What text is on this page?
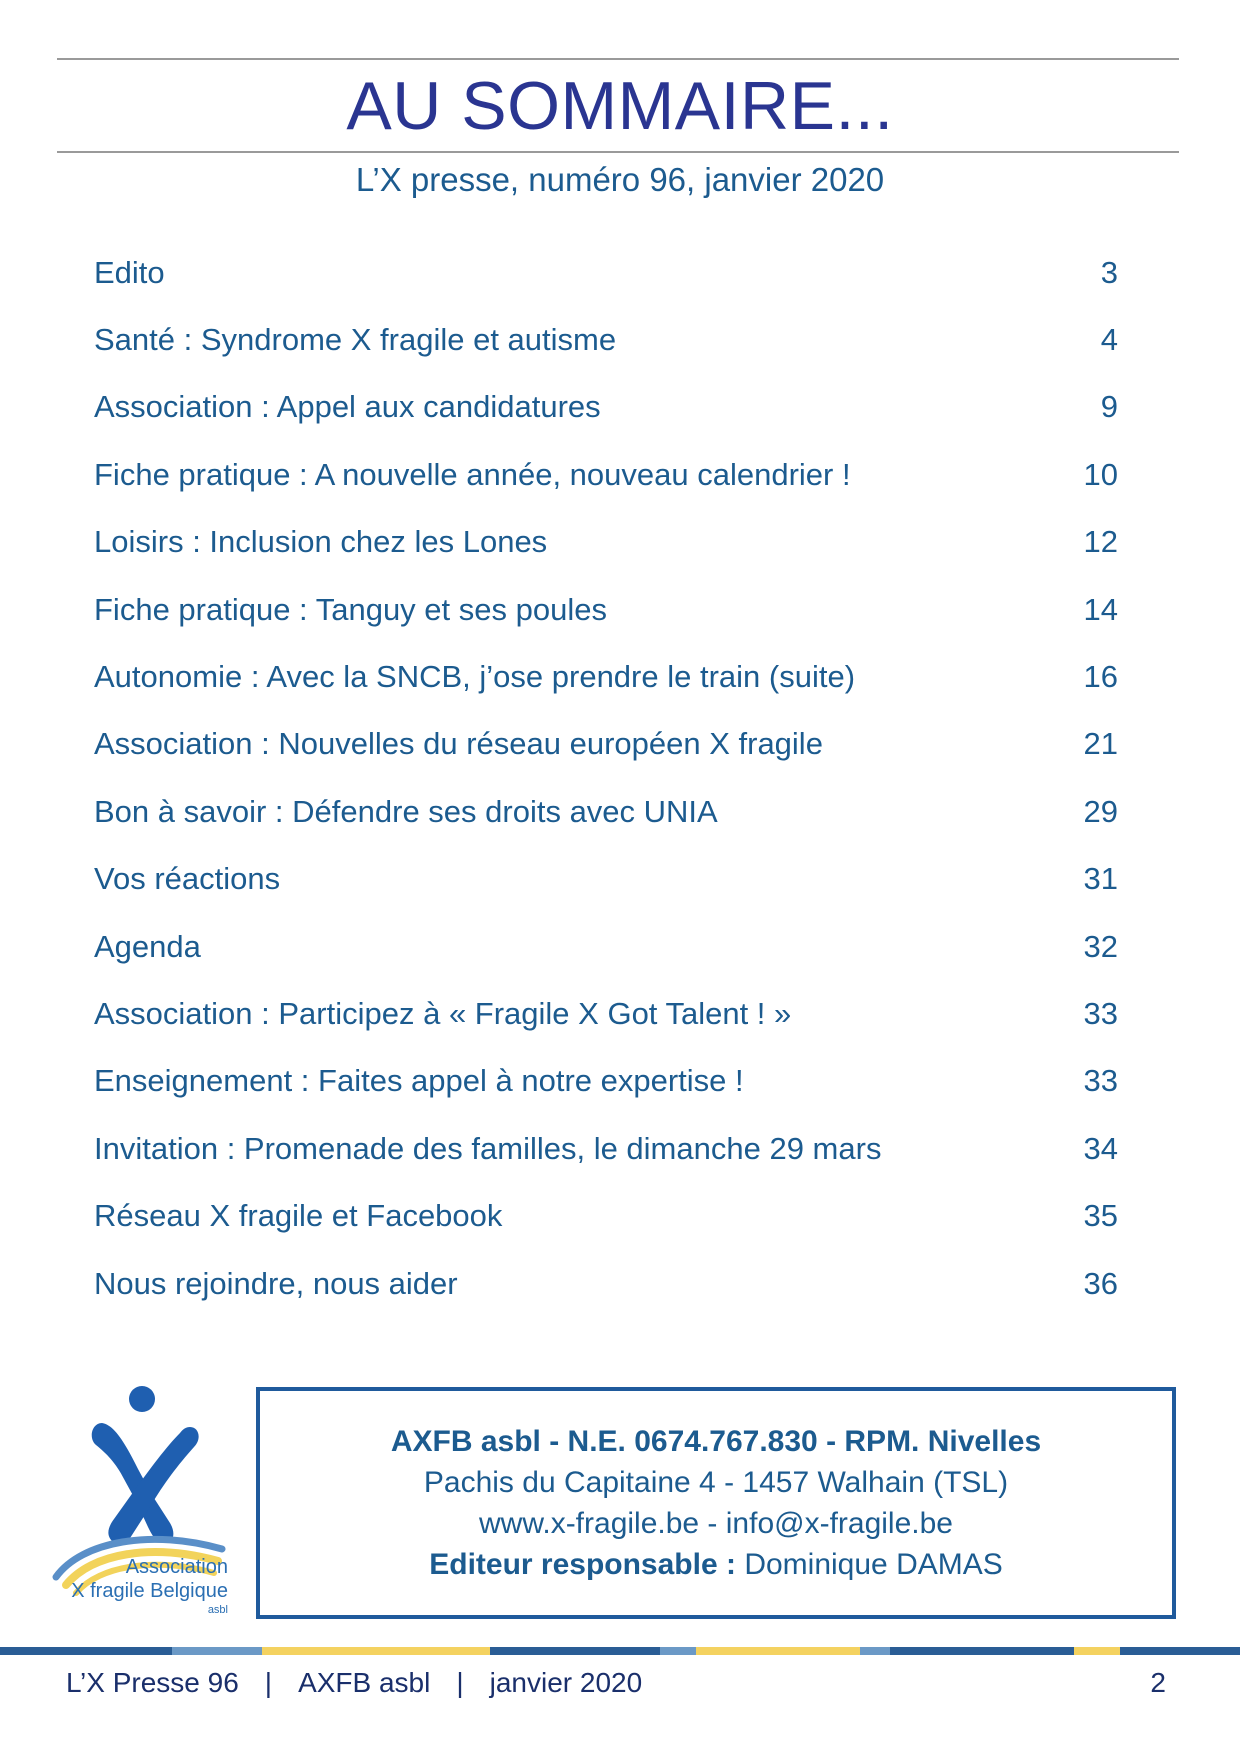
AU SOMMAIRE...
L’X presse, numéro 96, janvier 2020
Edito	3
Santé : Syndrome X fragile et autisme	4
Association : Appel aux candidatures	9
Fiche pratique : A nouvelle année, nouveau calendrier !	10
Loisirs : Inclusion chez les Lones	12
Fiche pratique : Tanguy et ses poules	14
Autonomie : Avec la SNCB, j’ose prendre le train (suite)	16
Association : Nouvelles du réseau européen X fragile	21
Bon à savoir : Défendre ses droits avec UNIA	29
Vos réactions	31
Agenda	32
Association : Participez à « Fragile X Got Talent ! »	33
Enseignement : Faites appel à notre expertise !	33
Invitation : Promenade des familles, le dimanche 29 mars	34
Réseau X fragile et Facebook	35
Nous rejoindre, nous aider	36
Association
X fragile Belgique
asbl
AXFB asbl - N.E. 0674.767.830 - RPM. Nivelles
Pachis du Capitaine 4 - 1457 Walhain (TSL)
www.x-fragile.be - info@x-fragile.be
Editeur responsable : Dominique DAMAS
L’X Presse 96 | AXFB asbl | janvier 2020	2
